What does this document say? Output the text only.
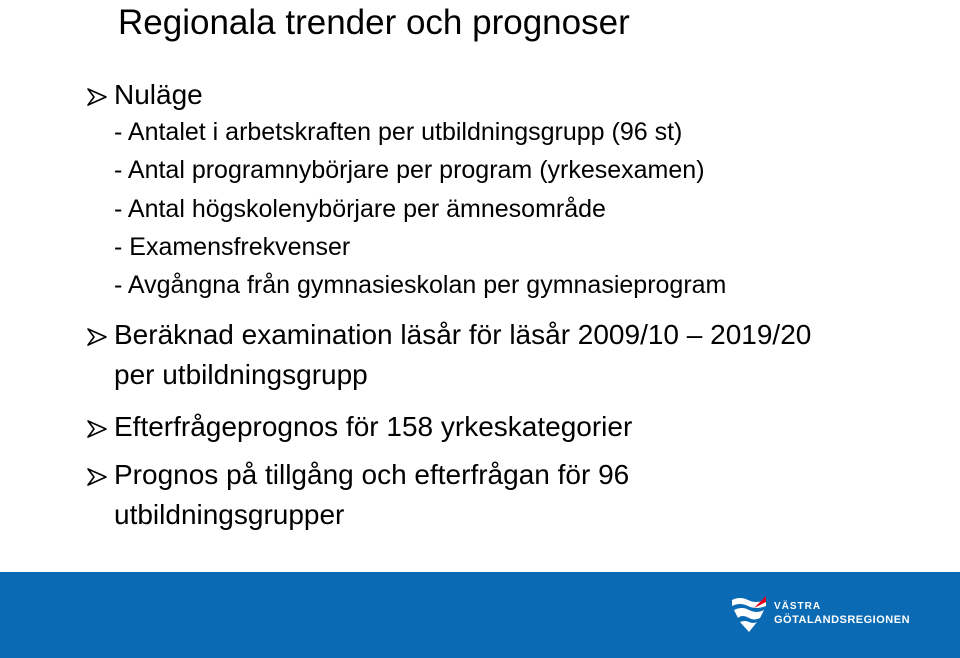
Regionala trender och prognoser
Nuläge
- Antalet i arbetskraften per utbildningsgrupp (96 st)
- Antal programnybörjare per program (yrkesexamen)
- Antal högskolenybörjare per ämnesområde
- Examensfrekvenser
- Avgångna från gymnasieskolan per gymnasieprogram
Beräknad examination läsår för läsår 2009/10 – 2019/20
per utbildningsgrupp
Efterfrågeprognos för 158 yrkeskategorier
Prognos på tillgång och efterfrågan för 96
utbildningsgrupper
VÄSTRA
GÖTALANDSREGIONEN
